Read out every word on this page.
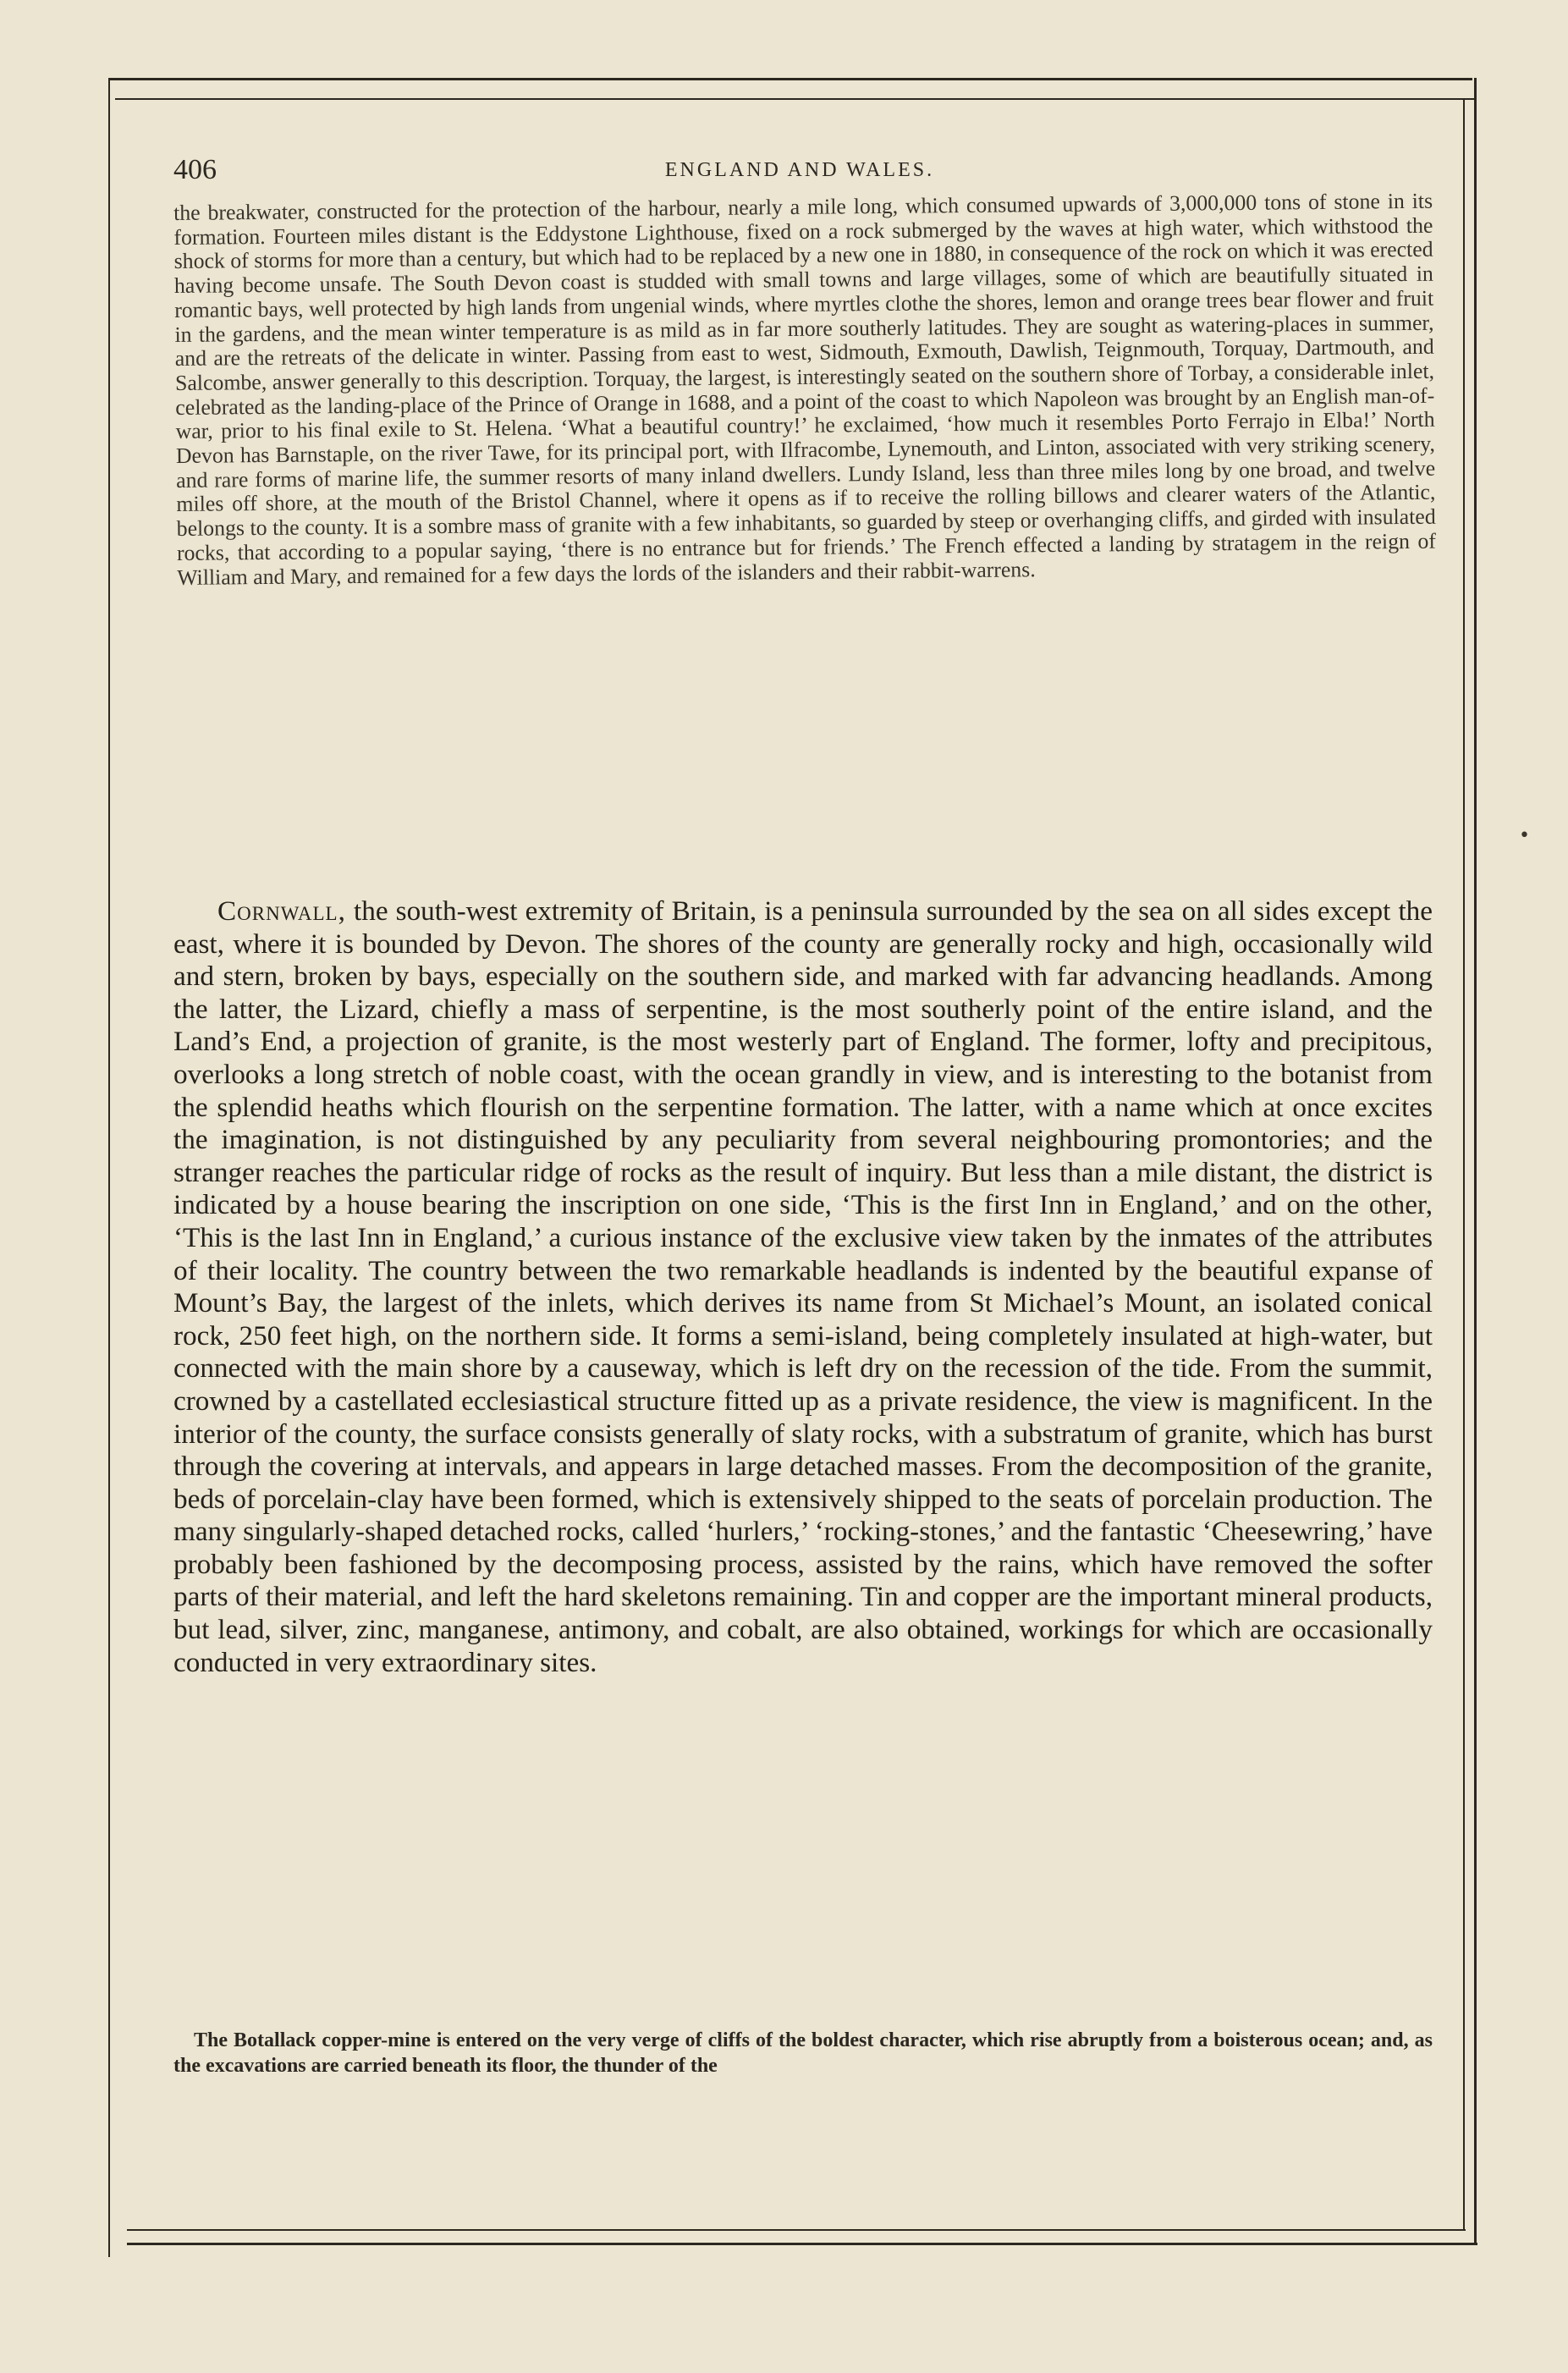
406	ENGLAND AND WALES.

the breakwater, constructed for the protection of the harbour, nearly a mile long, which consumed upwards of 3,000,000 tons of stone in its formation. Fourteen miles distant is the Eddystone Lighthouse, fixed on a rock submerged by the waves at high water, which withstood the shock of storms for more than a century, but which had to be replaced by a new one in 1880, in consequence of the rock on which it was erected having become unsafe. The South Devon coast is studded with small towns and large villages, some of which are beautifully situated in romantic bays, well protected by high lands from ungenial winds, where myrtles clothe the shores, lemon and orange trees bear flower and fruit in the gardens, and the mean winter temperature is as mild as in far more southerly latitudes. They are sought as watering-places in summer, and are the retreats of the delicate in winter. Passing from east to west, Sidmouth, Exmouth, Dawlish, Teignmouth, Torquay, Dartmouth, and Salcombe, answer generally to this description. Torquay, the largest, is interestingly seated on the southern shore of Torbay, a considerable inlet, celebrated as the landing-place of the Prince of Orange in 1688, and a point of the coast to which Napoleon was brought by an English man-of-war, prior to his final exile to St. Helena. ‘What a beautiful country!’ he exclaimed, ‘how much it resembles Porto Ferrajo in Elba!’ North Devon has Barnstaple, on the river Tawe, for its principal port, with Ilfracombe, Lynemouth, and Linton, associated with very striking scenery, and rare forms of marine life, the summer resorts of many inland dwellers. Lundy Island, less than three miles long by one broad, and twelve miles off shore, at the mouth of the Bristol Channel, where it opens as if to receive the rolling billows and clearer waters of the Atlantic, belongs to the county. It is a sombre mass of granite with a few inhabitants, so guarded by steep or overhanging cliffs, and girded with insulated rocks, that according to a popular saying, ‘there is no entrance but for friends.’ The French effected a landing by stratagem in the reign of William and Mary, and remained for a few days the lords of the islanders and their rabbit-warrens.

•

Cornwall, the south-west extremity of Britain, is a peninsula surrounded by the sea on all sides except the east, where it is bounded by Devon. The shores of the county are generally rocky and high, occasionally wild and stern, broken by bays, especially on the southern side, and marked with far advancing headlands. Among the latter, the Lizard, chiefly a mass of serpentine, is the most southerly point of the entire island, and the Land’s End, a projection of granite, is the most westerly part of England. The former, lofty and precipitous, overlooks a long stretch of noble coast, with the ocean grandly in view, and is interesting to the botanist from the splendid heaths which flourish on the serpentine formation. The latter, with a name which at once excites the imagination, is not distinguished by any peculiarity from several neighbouring promontories; and the stranger reaches the particular ridge of rocks as the result of inquiry. But less than a mile distant, the district is indicated by a house bearing the inscription on one side, ‘This is the first Inn in England,’ and on the other, ‘This is the last Inn in England,’ a curious instance of the exclusive view taken by the inmates of the attributes of their locality. The country between the two remarkable headlands is indented by the beautiful expanse of Mount’s Bay, the largest of the inlets, which derives its name from St Michael’s Mount, an isolated conical rock, 250 feet high, on the northern side. It forms a semi-island, being completely insulated at high-water, but connected with the main shore by a causeway, which is left dry on the recession of the tide. From the summit, crowned by a castellated ecclesiastical structure fitted up as a private residence, the view is magnificent. In the interior of the county, the surface consists generally of slaty rocks, with a substratum of granite, which has burst through the covering at intervals, and appears in large detached masses. From the decomposition of the granite, beds of porcelain-clay have been formed, which is extensively shipped to the seats of porcelain production. The many singularly-shaped detached rocks, called ‘hurlers,’ ‘rocking-stones,’ and the fantastic ‘Cheesewring,’ have probably been fashioned by the decomposing process, assisted by the rains, which have removed the softer parts of their material, and left the hard skeletons remaining. Tin and copper are the important mineral products, but lead, silver, zinc, manganese, antimony, and cobalt, are also obtained, workings for which are occasionally conducted in very extraordinary sites.

The Botallack copper-mine is entered on the very verge of cliffs of the boldest character, which rise abruptly from a boisterous ocean; and, as the excavations are carried beneath its floor, the thunder of the
